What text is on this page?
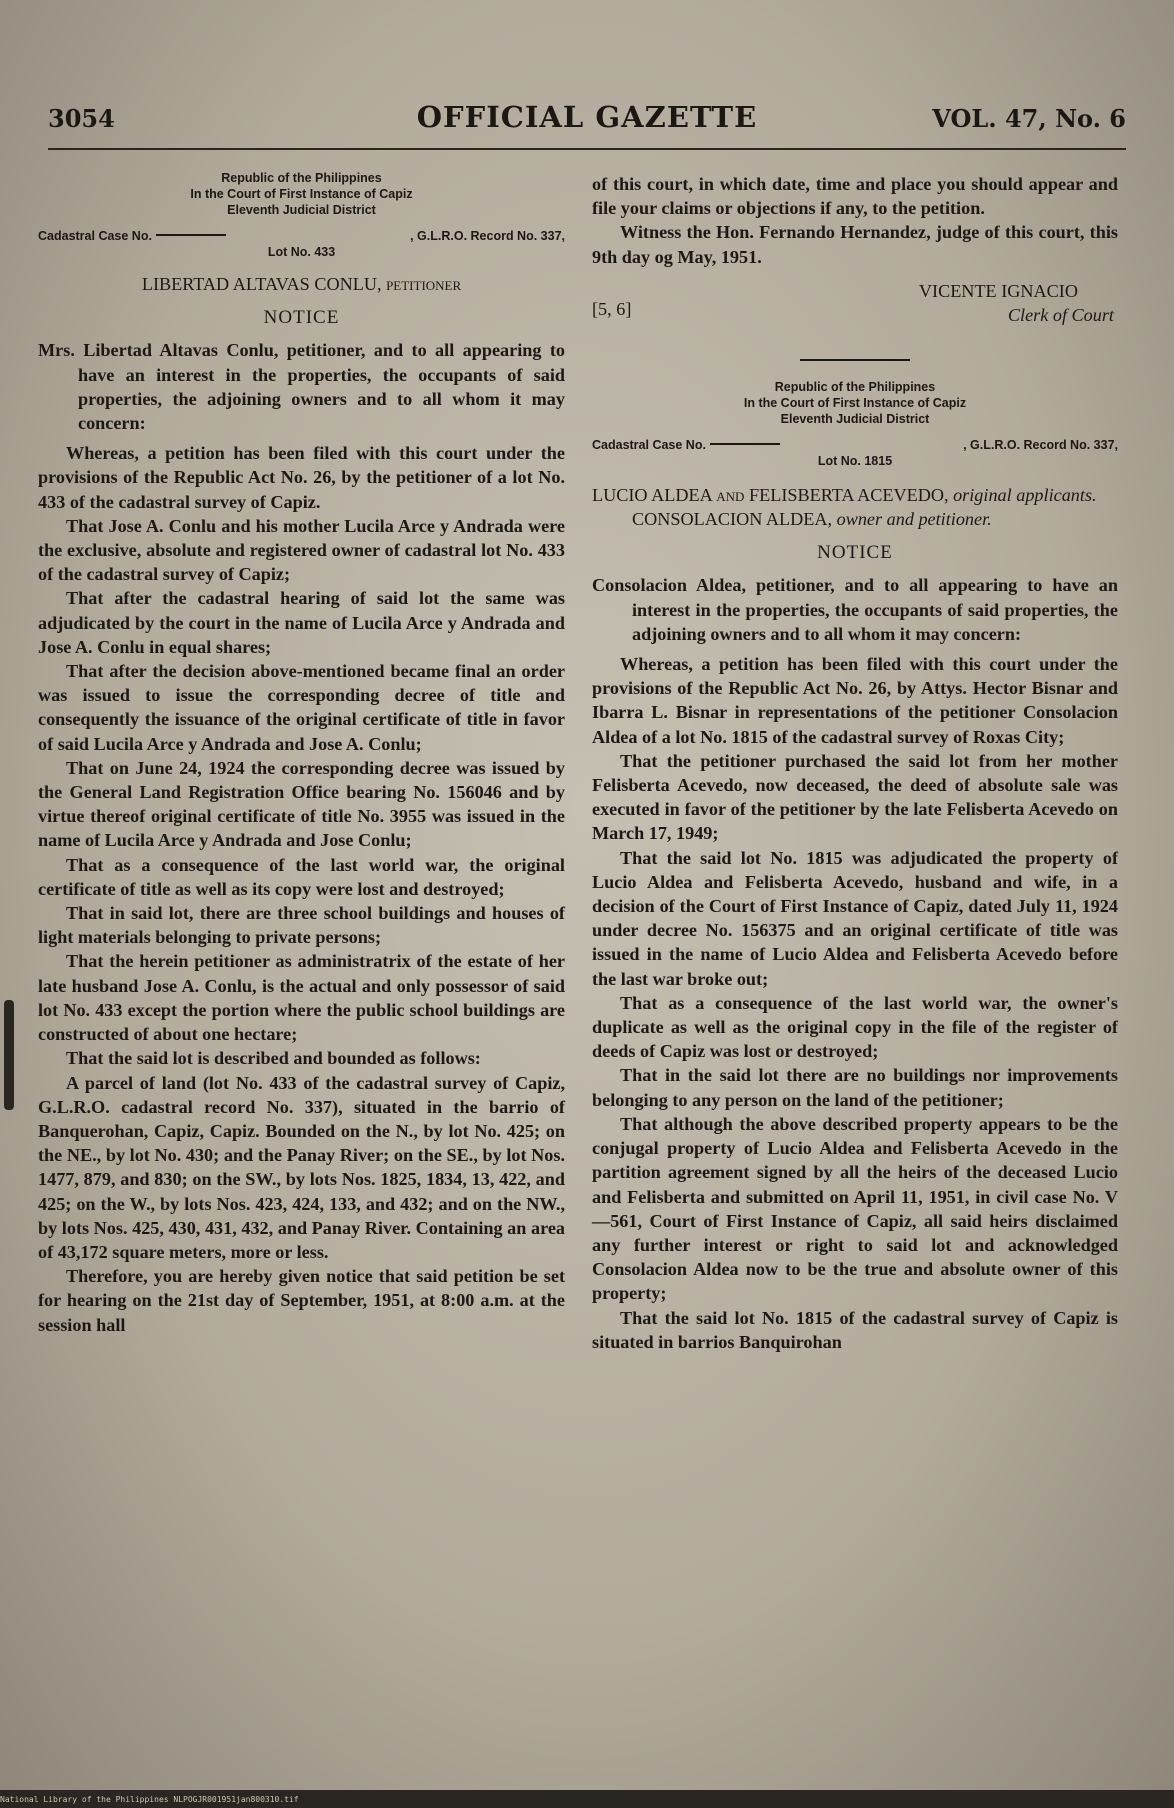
3054	OFFICIAL GAZETTE	VOL. 47, No. 6
Republic of the Philippines
In the Court of First Instance of Capiz
Eleventh Judicial District
Cadastral Case No.	, G.L.R.O. Record No. 337,
Lot No. 433
LIBERTAD ALTAVAS CONLU, petitioner
NOTICE

Mrs. Libertad Altavas Conlu, petitioner, and to all appearing to have an interest in the properties, the occupants of said properties, the adjoining owners and to all whom it may concern:

Whereas, a petition has been filed with this court under the provisions of the Republic Act No. 26, by the petitioner of a lot No. 433 of the cadastral survey of Capiz.

That Jose A. Conlu and his mother Lucila Arce y Andrada were the exclusive, absolute and registered owner of cadastral lot No. 433 of the cadastral survey of Capiz;

That after the cadastral hearing of said lot the same was adjudicated by the court in the name of Lucila Arce y Andrada and Jose A. Conlu in equal shares;

That after the decision above-mentioned became final an order was issued to issue the corresponding decree of title and consequently the issuance of the original certificate of title in favor of said Lucila Arce y Andrada and Jose A. Conlu;

That on June 24, 1924 the corresponding decree was issued by the General Land Registration Office bearing No. 156046 and by virtue thereof original certificate of title No. 3955 was issued in the name of Lucila Arce y Andrada and Jose Conlu;

That as a consequence of the last world war, the original certificate of title as well as its copy were lost and destroyed;

That in said lot, there are three school buildings and houses of light materials belonging to private persons;

That the herein petitioner as administratrix of the estate of her late husband Jose A. Conlu, is the actual and only possessor of said lot No. 433 except the portion where the public school buildings are constructed of about one hectare;

That the said lot is described and bounded as follows:

A parcel of land (lot No. 433 of the cadastral survey of Capiz, G.L.R.O. cadastral record No. 337), situated in the barrio of Banquerohan, Capiz, Capiz. Bounded on the N., by lot No. 425; on the NE., by lot No. 430; and the Panay River; on the SE., by lot Nos. 1477, 879, and 830; on the SW., by lots Nos. 1825, 1834, 13, 422, and 425; on the W., by lots Nos. 423, 424, 133, and 432; and on the NW., by lots Nos. 425, 430, 431, 432, and Panay River. Containing an area of 43,172 square meters, more or less.

Therefore, you are hereby given notice that said petition be set for hearing on the 21st day of September, 1951, at 8:00 a.m. at the session hall

of this court, in which date, time and place you should appear and file your claims or objections if any, to the petition.

Witness the Hon. Fernando Hernandez, judge of this court, this 9th day og May, 1951.

VICENTE IGNACIO
[5, 6]	Clerk of Court
Republic of the Philippines
In the Court of First Instance of Capiz
Eleventh Judicial District
Cadastral Case No.	, G.L.R.O. Record No. 337,
Lot No. 1815
LUCIO ALDEA and FELISBERTA ACEVEDO, original applicants. CONSOLACION ALDEA, owner and petitioner.
NOTICE

Consolacion Aldea, petitioner, and to all appearing to have an interest in the properties, the occupants of said properties, the adjoining owners and to all whom it may concern:

Whereas, a petition has been filed with this court under the provisions of the Republic Act No. 26, by Attys. Hector Bisnar and Ibarra L. Bisnar in representations of the petitioner Consolacion Aldea of a lot No. 1815 of the cadastral survey of Roxas City;

That the petitioner purchased the said lot from her mother Felisberta Acevedo, now deceased, the deed of absolute sale was executed in favor of the petitioner by the late Felisberta Acevedo on March 17, 1949;

That the said lot No. 1815 was adjudicated the property of Lucio Aldea and Felisberta Acevedo, husband and wife, in a decision of the Court of First Instance of Capiz, dated July 11, 1924 under decree No. 156375 and an original certificate of title was issued in the name of Lucio Aldea and Felisberta Acevedo before the last war broke out;

That as a consequence of the last world war, the owner's duplicate as well as the original copy in the file of the register of deeds of Capiz was lost or destroyed;

That in the said lot there are no buildings nor improvements belonging to any person on the land of the petitioner;

That although the above described property appears to be the conjugal property of Lucio Aldea and Felisberta Acevedo in the partition agreement signed by all the heirs of the deceased Lucio and Felisberta and submitted on April 11, 1951, in civil case No. V—561, Court of First Instance of Capiz, all said heirs disclaimed any further interest or right to said lot and acknowledged Consolacion Aldea now to be the true and absolute owner of this property;

That the said lot No. 1815 of the cadastral survey of Capiz is situated in barrios Banquirohan

National Library of the Philippines NLPOGJR001951jan800310.tif
